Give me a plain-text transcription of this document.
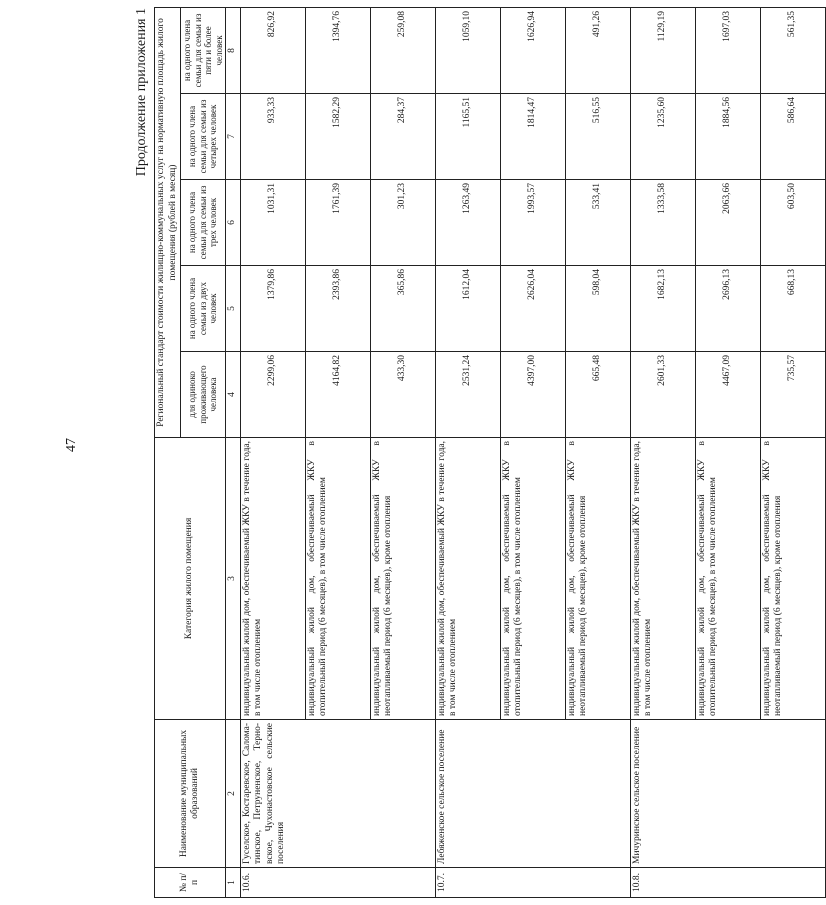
47
Продолжение приложения 1
№ п/п	Наименование муниципальных образований	Категория жилого помещения	Региональный стандарт стоимости жилищно-коммунальных услуг на нормативную площадь жилого помещения (рублей в месяц)				
			для одиноко проживающего человека	на одного члена семьи из двух человек	на одного члена семьи для семьи из трех человек	на одного члена семьи для семьи из четырех человек	на одного члена семьи для семьи из пяти и более человек
1	2	3	4	5	6	7	8
10.6.	Гуселское, Костаревское, Салома-тинское, Петруненское, Терно-вское, Чухонастовское сельские поселения	индивидуальный жилой дом, обеспечиваемый ЖКУ в течение года, в том числе отоплением	2299,06	1379,86	1031,31	933,33	826,92
		индивидуальный жилой дом, обеспечиваемый ЖКУ в отопительный период (6 месяцев), в том числе отоплением	4164,82	2393,86	1761,39	1582,29	1394,76
		индивидуальный жилой дом, обеспечиваемый ЖКУ в неотапливаемый период (6 месяцев), кроме отопления	433,30	365,86	301,23	284,37	259,08
10.7.	Лебяженское сельское поселение	индивидуальный жилой дом, обеспечиваемый ЖКУ в течение года, в том числе отоплением	2531,24	1612,04	1263,49	1165,51	1059,10
		индивидуальный жилой дом, обеспечиваемый ЖКУ в отопительный период (6 месяцев), в том числе отоплением	4397,00	2626,04	1993,57	1814,47	1626,94
		индивидуальный жилой дом, обеспечиваемый ЖКУ в неотапливаемый период (6 месяцев), кроме отопления	665,48	598,04	533,41	516,55	491,26
10.8.	Мичуринское сельское поселение	индивидуальный жилой дом, обеспечиваемый ЖКУ в течение года, в том числе отоплением	2601,33	1682,13	1333,58	1235,60	1129,19
		индивидуальный жилой дом, обеспечиваемый ЖКУ в отопительный период (6 месяцев), в том числе отоплением	4467,09	2696,13	2063,66	1884,56	1697,03
		индивидуальный жилой дом, обеспечиваемый ЖКУ в неотапливаемый период (6 месяцев), кроме отопления	735,57	668,13	603,50	586,64	561,35
